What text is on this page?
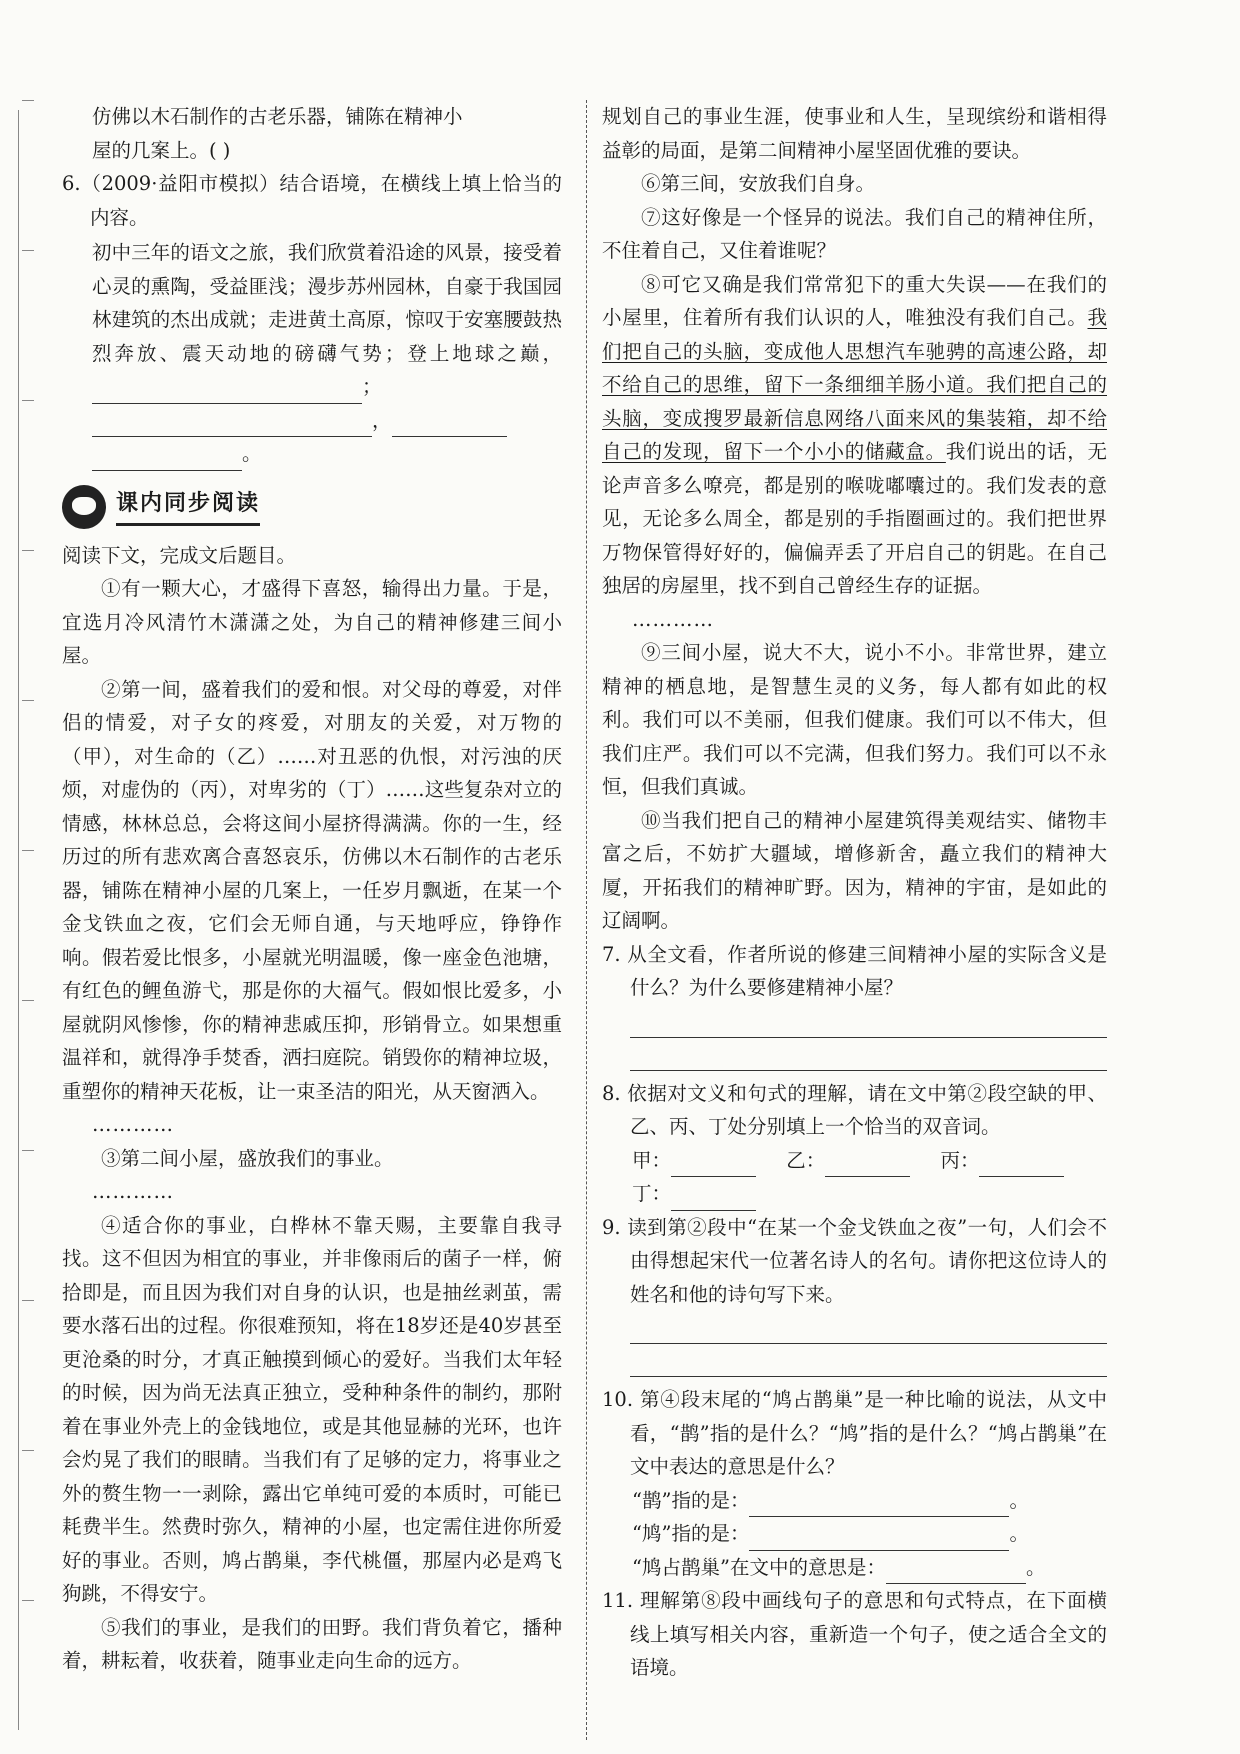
仿佛以木石制作的古老乐器，铺陈在精神小

屋的几案上。( )

6.（2009·益阳市模拟）结合语境，在横线上填上恰当的内容。

初中三年的语文之旅，我们欣赏着沿途的风景，接受着心灵的熏陶，受益匪浅；漫步苏州园林，自豪于我国园林建筑的杰出成就；走进黄土高原，惊叹于安塞腰鼓热烈奔放、震天动地的磅礴气势；登上地球之巅，；

，

。

课内同步阅读

阅读下文，完成文后题目。

①有一颗大心，才盛得下喜怒，输得出力量。于是，宜选月冷风清竹木潇潇之处，为自己的精神修建三间小屋。

②第一间，盛着我们的爱和恨。对父母的尊爱，对伴侣的情爱，对子女的疼爱，对朋友的关爱，对万物的（甲），对生命的（乙）……对丑恶的仇恨，对污浊的厌烦，对虚伪的（丙），对卑劣的（丁）……这些复杂对立的情感，林林总总，会将这间小屋挤得满满。你的一生，经历过的所有悲欢离合喜怒哀乐，仿佛以木石制作的古老乐器，铺陈在精神小屋的几案上，一任岁月飘逝，在某一个金戈铁血之夜，它们会无师自通，与天地呼应，铮铮作响。假若爱比恨多，小屋就光明温暖，像一座金色池塘，有红色的鲤鱼游弋，那是你的大福气。假如恨比爱多，小屋就阴风惨惨，你的精神悲戚压抑，形销骨立。如果想重温祥和，就得净手焚香，洒扫庭院。销毁你的精神垃圾，重塑你的精神天花板，让一束圣洁的阳光，从天窗洒入。

…………

③第二间小屋，盛放我们的事业。

…………

④适合你的事业，白桦林不靠天赐，主要靠自我寻找。这不但因为相宜的事业，并非像雨后的菌子一样，俯拾即是，而且因为我们对自身的认识，也是抽丝剥茧，需要水落石出的过程。你很难预知，将在18岁还是40岁甚至更沧桑的时分，才真正触摸到倾心的爱好。当我们太年轻的时候，因为尚无法真正独立，受种种条件的制约，那附着在事业外壳上的金钱地位，或是其他显赫的光环，也许会灼晃了我们的眼睛。当我们有了足够的定力，将事业之外的赘生物一一剥除，露出它单纯可爱的本质时，可能已耗费半生。然费时弥久，精神的小屋，也定需住进你所爱好的事业。否则，鸠占鹊巢，李代桃僵，那屋内必是鸡飞狗跳，不得安宁。

⑤我们的事业，是我们的田野。我们背负着它，播种着，耕耘着，收获着，随事业走向生命的远方。

规划自己的事业生涯，使事业和人生，呈现缤纷和谐相得益彰的局面，是第二间精神小屋坚固优雅的要诀。

⑥第三间，安放我们自身。

⑦这好像是一个怪异的说法。我们自己的精神住所，不住着自己，又住着谁呢？

⑧可它又确是我们常常犯下的重大失误——在我们的小屋里，住着所有我们认识的人，唯独没有我们自己。我们把自己的头脑，变成他人思想汽车驰骋的高速公路，却不给自己的思维，留下一条细细羊肠小道。我们把自己的头脑，变成搜罗最新信息网络八面来风的集装箱，却不给自己的发现，留下一个小小的储藏盒。我们说出的话，无论声音多么嘹亮，都是别的喉咙嘟囔过的。我们发表的意见，无论多么周全，都是别的手指圈画过的。我们把世界万物保管得好好的，偏偏弄丢了开启自己的钥匙。在自己独居的房屋里，找不到自己曾经生存的证据。

…………

⑨三间小屋，说大不大，说小不小。非常世界，建立精神的栖息地，是智慧生灵的义务，每人都有如此的权利。我们可以不美丽，但我们健康。我们可以不伟大，但我们庄严。我们可以不完满，但我们努力。我们可以不永恒，但我们真诚。

⑩当我们把自己的精神小屋建筑得美观结实、储物丰富之后，不妨扩大疆域，增修新舍，矗立我们的精神大厦，开拓我们的精神旷野。因为，精神的宇宙，是如此的辽阔啊。

7. 从全文看，作者所说的修建三间精神小屋的实际含义是什么？为什么要修建精神小屋？

8. 依据对文义和句式的理解，请在文中第②段空缺的甲、乙、丙、丁处分别填上一个恰当的双音词。

甲：	乙：	丙：

丁：

9. 读到第②段中“在某一个金戈铁血之夜”一句，人们会不由得想起宋代一位著名诗人的名句。请你把这位诗人的姓名和他的诗句写下来。

10. 第④段末尾的“鸠占鹊巢”是一种比喻的说法，从文中看，“鹊”指的是什么？“鸠”指的是什么？“鸠占鹊巢”在文中表达的意思是什么？

“鹊”指的是：	。

“鸠”指的是：	。

“鸠占鹊巢”在文中的意思是：	。

11. 理解第⑧段中画线句子的意思和句式特点，在下面横线上填写相关内容，重新造一个句子，使之适合全文的语境。
